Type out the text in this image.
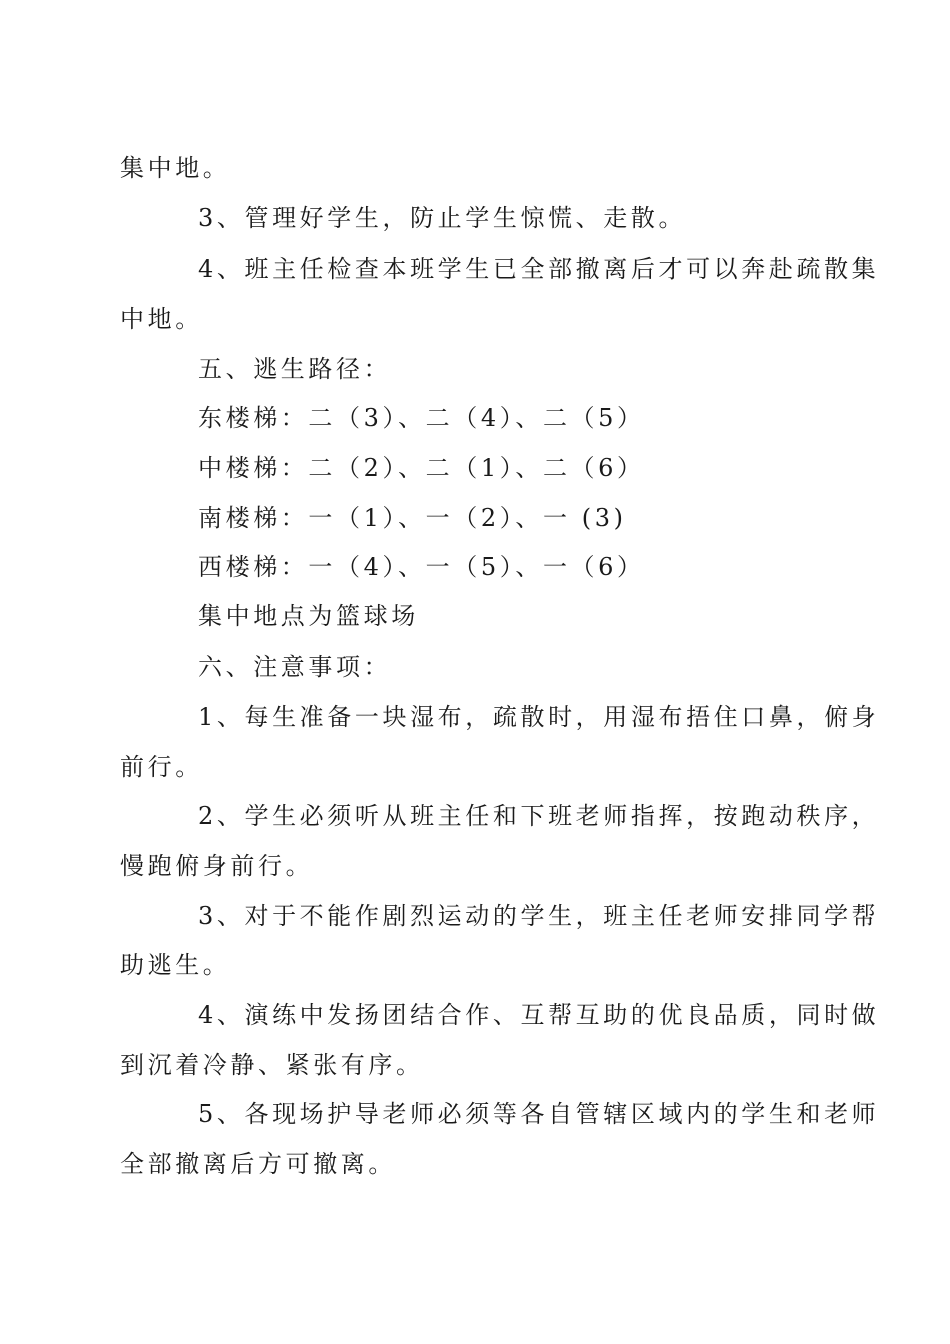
集中地。
3、管理好学生，防止学生惊慌、走散。
4、班主任检查本班学生已全部撤离后才可以奔赴疏散集
中地。
五、逃生路径：
东楼梯：二（3）、二（4）、二（5）
中楼梯：二（2）、二（1）、二（6）
南楼梯：一（1）、一（2）、一 (3)
西楼梯：一（4）、一（5）、一（6）
集中地点为篮球场
六、注意事项：
1、每生准备一块湿布，疏散时，用湿布捂住口鼻，俯身
前行。
2、学生必须听从班主任和下班老师指挥，按跑动秩序，
慢跑俯身前行。
3、对于不能作剧烈运动的学生，班主任老师安排同学帮
助逃生。
4、演练中发扬团结合作、互帮互助的优良品质，同时做
到沉着冷静、紧张有序。
5、各现场护导老师必须等各自管辖区域内的学生和老师
全部撤离后方可撤离。
